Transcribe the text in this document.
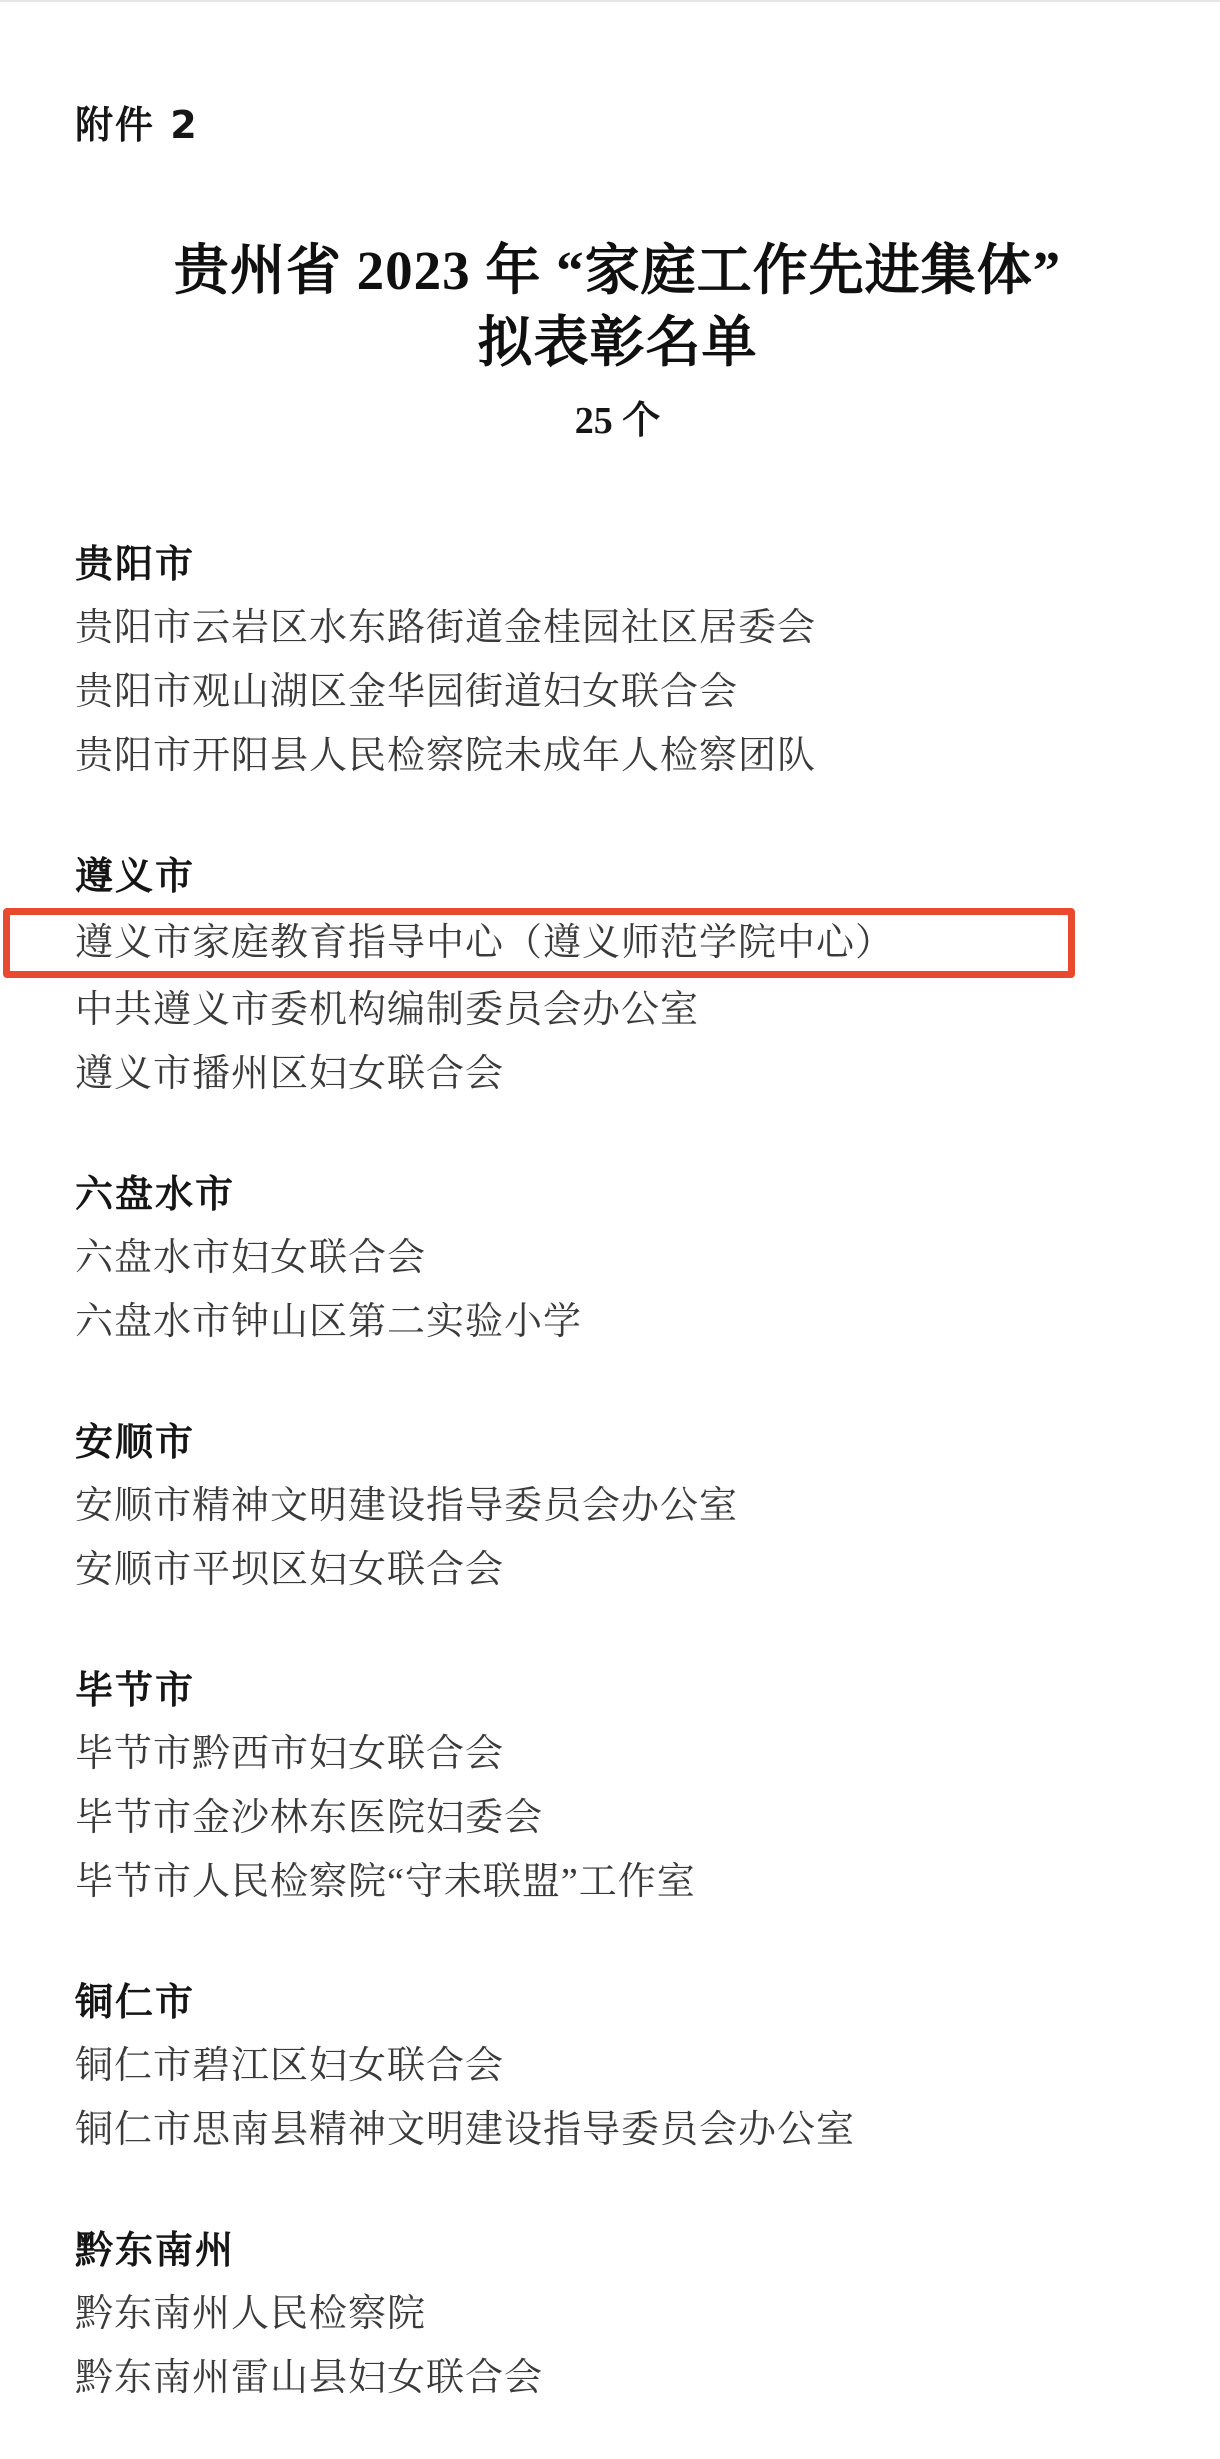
附件 2
贵州省 2023 年 “家庭工作先进集体”
拟表彰名单
25 个
贵阳市
贵阳市云岩区水东路街道金桂园社区居委会
贵阳市观山湖区金华园街道妇女联合会
贵阳市开阳县人民检察院未成年人检察团队
遵义市
遵义市家庭教育指导中心（遵义师范学院中心）
中共遵义市委机构编制委员会办公室
遵义市播州区妇女联合会
六盘水市
六盘水市妇女联合会
六盘水市钟山区第二实验小学
安顺市
安顺市精神文明建设指导委员会办公室
安顺市平坝区妇女联合会
毕节市
毕节市黔西市妇女联合会
毕节市金沙林东医院妇委会
毕节市人民检察院“守未联盟”工作室
铜仁市
铜仁市碧江区妇女联合会
铜仁市思南县精神文明建设指导委员会办公室
黔东南州
黔东南州人民检察院
黔东南州雷山县妇女联合会
